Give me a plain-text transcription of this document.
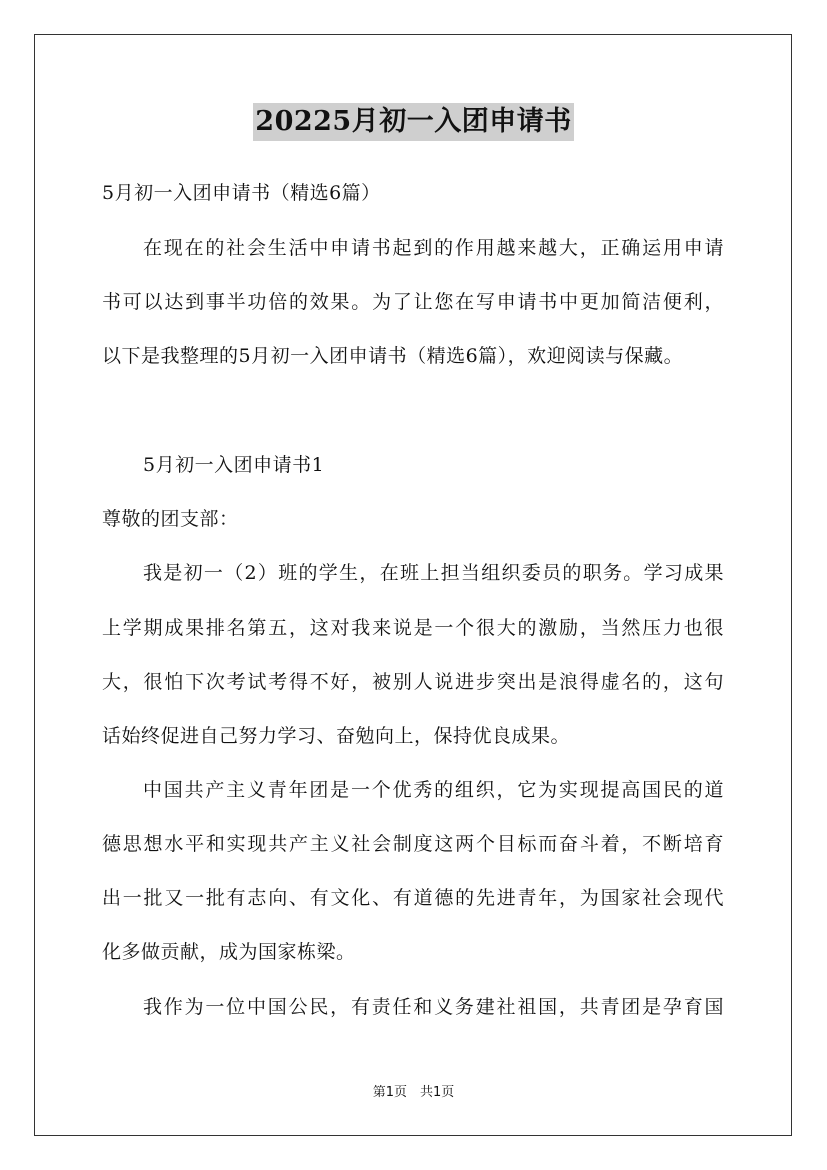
20225月初一入团申请书
5月初一入团申请书（精选6篇）
在现在的社会生活中申请书起到的作用越来越大，正确运用申请
书可以达到事半功倍的效果。为了让您在写申请书中更加简洁便利，
以下是我整理的5月初一入团申请书（精选6篇），欢迎阅读与保藏。
5月初一入团申请书1
尊敬的团支部：
我是初一（2）班的学生，在班上担当组织委员的职务。学习成果
上学期成果排名第五，这对我来说是一个很大的激励，当然压力也很
大，很怕下次考试考得不好，被别人说进步突出是浪得虚名的，这句
话始终促进自己努力学习、奋勉向上，保持优良成果。
中国共产主义青年团是一个优秀的组织，它为实现提高国民的道
德思想水平和实现共产主义社会制度这两个目标而奋斗着，不断培育
出一批又一批有志向、有文化、有道德的先进青年，为国家社会现代
化多做贡献，成为国家栋梁。
我作为一位中国公民，有责任和义务建社祖国，共青团是孕育国
第1页　共1页
